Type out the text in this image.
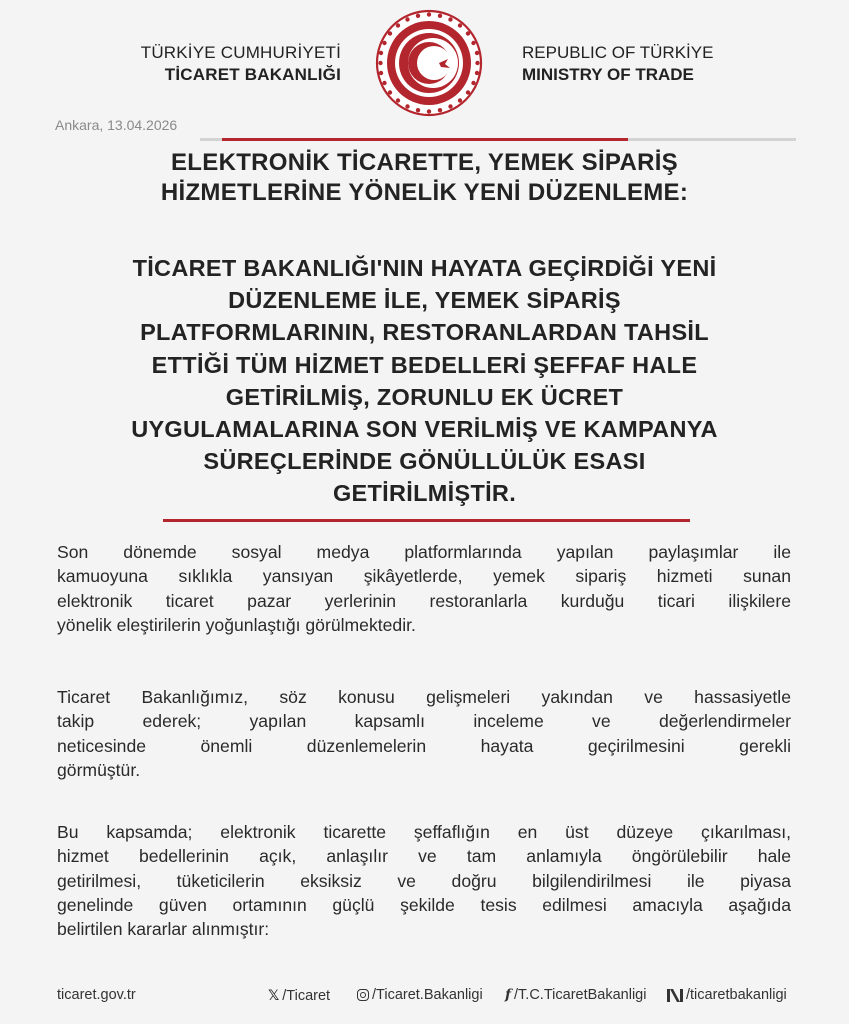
TÜRKİYE CUMHURİYETİ
TİCARET BAKANLIĞI
REPUBLIC OF TÜRKİYE
MINISTRY OF TRADE
Ankara, 13.04.2026
ELEKTRONİK TİCARETTE, YEMEK SİPARİŞ
HİZMETLERİNE YÖNELİK YENİ DÜZENLEME:
TİCARET BAKANLIĞI'NIN HAYATA GEÇİRDİĞİ YENİ
DÜZENLEME İLE, YEMEK SİPARİŞ
PLATFORMLARININ, RESTORANLARDAN TAHSİL
ETTİĞİ TÜM HİZMET BEDELLERİ ŞEFFAF HALE
GETİRİLMİŞ, ZORUNLU EK ÜCRET
UYGULAMALARINA SON VERİLMİŞ VE KAMPANYA
SÜREÇLERİNDE GÖNÜLLÜLÜK ESASI
GETİRİLMİŞTİR.
Son dönemde sosyal medya platformlarında yapılan paylaşımlar ile
kamuoyuna sıklıkla yansıyan şikâyetlerde, yemek sipariş hizmeti sunan
elektronik ticaret pazar yerlerinin restoranlarla kurduğu ticari ilişkilere
yönelik eleştirilerin yoğunlaştığı görülmektedir.
Ticaret Bakanlığımız, söz konusu gelişmeleri yakından ve hassasiyetle
takip ederek; yapılan kapsamlı inceleme ve değerlendirmeler
neticesinde önemli düzenlemelerin hayata geçirilmesini gerekli
görmüştür.
Bu kapsamda; elektronik ticarette şeffaflığın en üst düzeye çıkarılması,
hizmet bedellerinin açık, anlaşılır ve tam anlamıyla öngörülebilir hale
getirilmesi, tüketicilerin eksiksiz ve doğru bilgilendirilmesi ile piyasa
genelinde güven ortamının güçlü şekilde tesis edilmesi amacıyla aşağıda
belirtilen kararlar alınmıştır:
ticaret.gov.tr	𝕏 /Ticaret	/Ticaret.Bakanligi f /T.C.TicaretBakanligi	/ticaretbakanligi
